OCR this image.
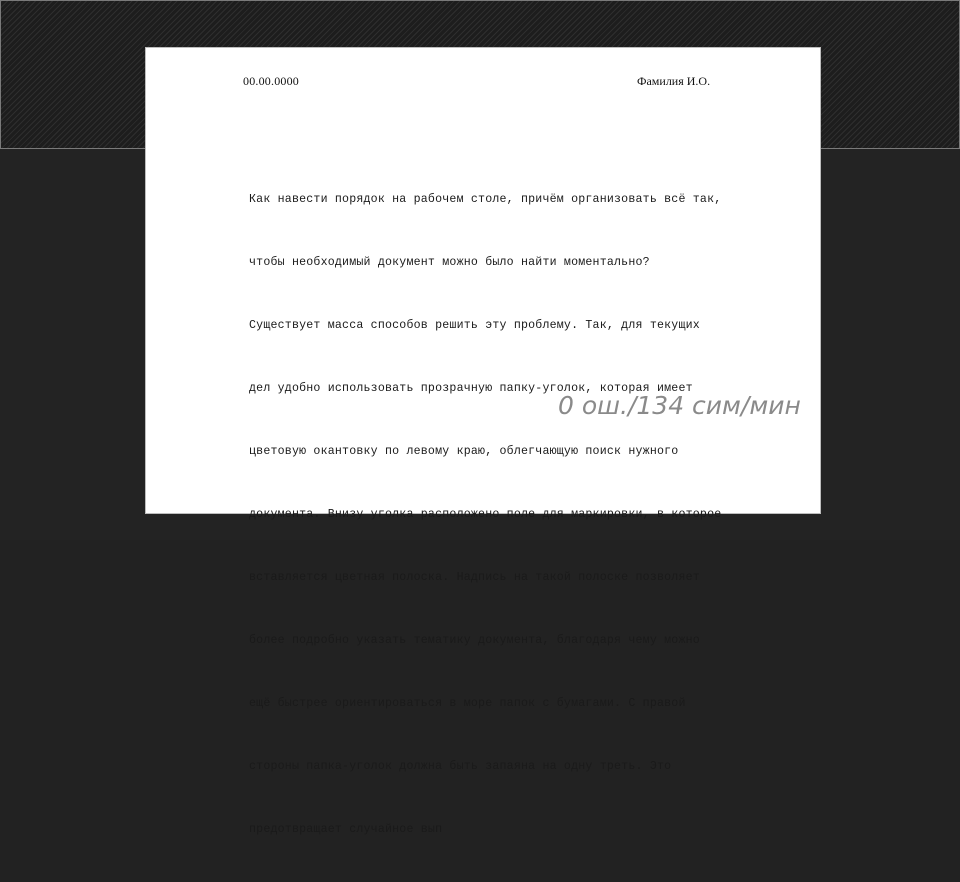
00.00.0000	Фамилия И.О.

Как навести порядок на рабочем столе, причём организовать всё так,

чтобы необходимый документ можно было найти моментально?

Существует масса способов решить эту проблему. Так, для текущих

дел удобно использовать прозрачную папку-уголок, которая имеет

цветовую окантовку по левому краю, облегчающую поиск нужного

документа. Внизу уголка расположено поле для маркировки, в которое

вставляется цветная полоска. Надпись на такой полоске позволяет

более подробно указать тематику документа, благодаря чему можно

ещё быстрее ориентироваться в море папок с бумагами. С правой

стороны папка-уголок должна быть запаяна на одну треть. Это

предотвращает случайное вып

0 ош./134 сим/мин
